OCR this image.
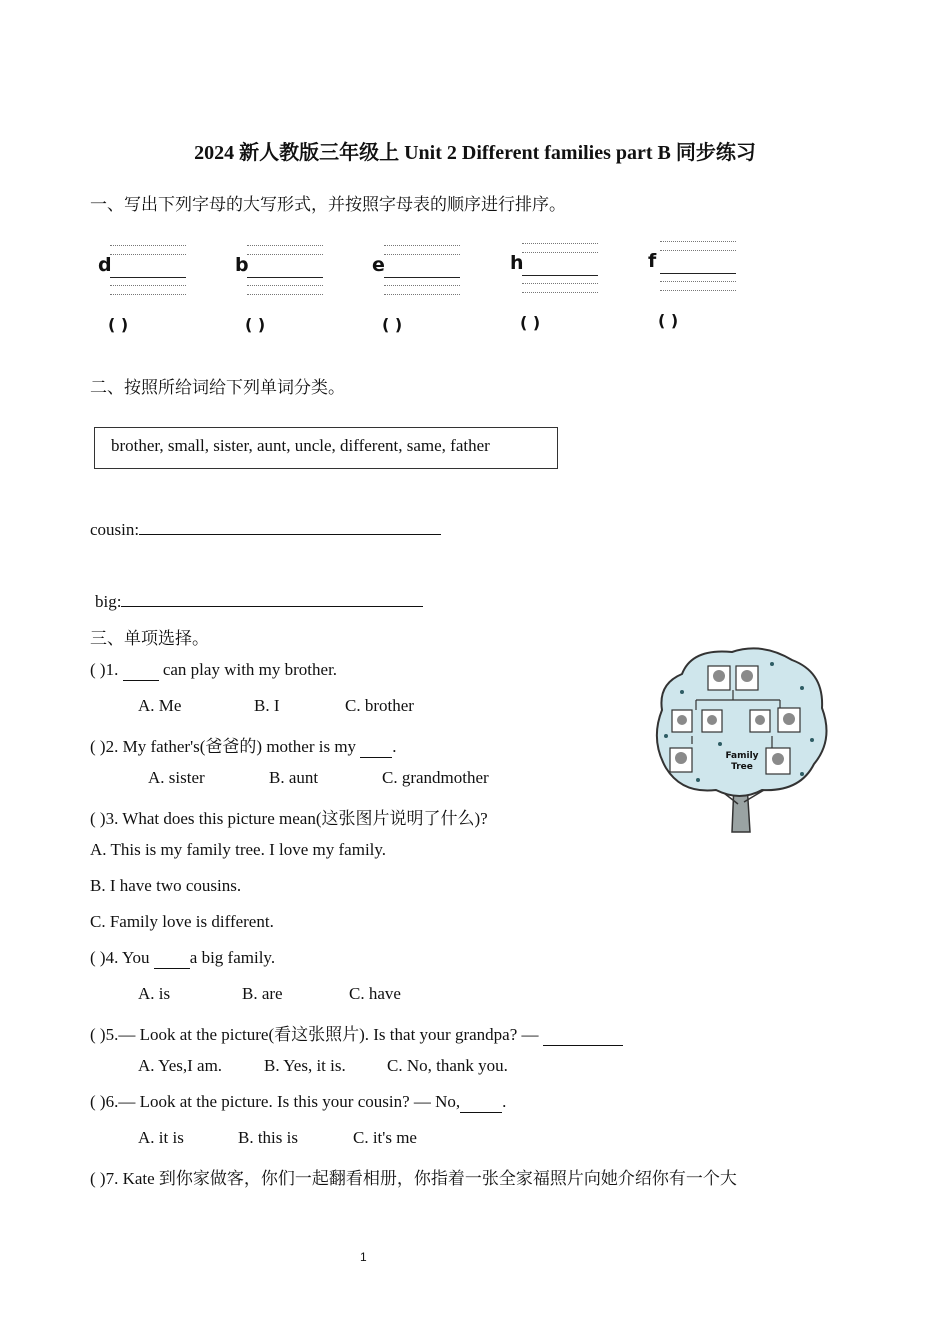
2024 新人教版三年级上 Unit 2 Different families part B 同步练习
一、写出下列字母的大写形式，并按照字母表的顺序进行排序。
d
( )
b
( )
e
( )
h
( )
f
( )
二、按照所给词给下列单词分类。
brother, small, sister, aunt, uncle, different, same, father
cousin:
big:
三、单项选择。
( )1.   can play with my brother.
A. Me	B. I	C. brother
( )2. My father's(爸爸的) mother is my  .
A. sister	B. aunt	C. grandmother
( )3. What does this picture mean(这张图片说明了什么)?
A. This is my family tree. I love my family.
B. I have two cousins.
C. Family love is different.
Family
Tree
( )4. You  a big family.
A. is	B. are	C. have
( )5.— Look at the picture(看这张照片). Is that your grandpa? —
A. Yes,I am. B. Yes, it is. C. No, thank you.
( )6.— Look at the picture. Is this your cousin? — No, .
A. it is	B. this is	C. it's me
( )7. Kate 到你家做客，你们一起翻看相册，你指着一张全家福照片向她介绍你有一个大
1
